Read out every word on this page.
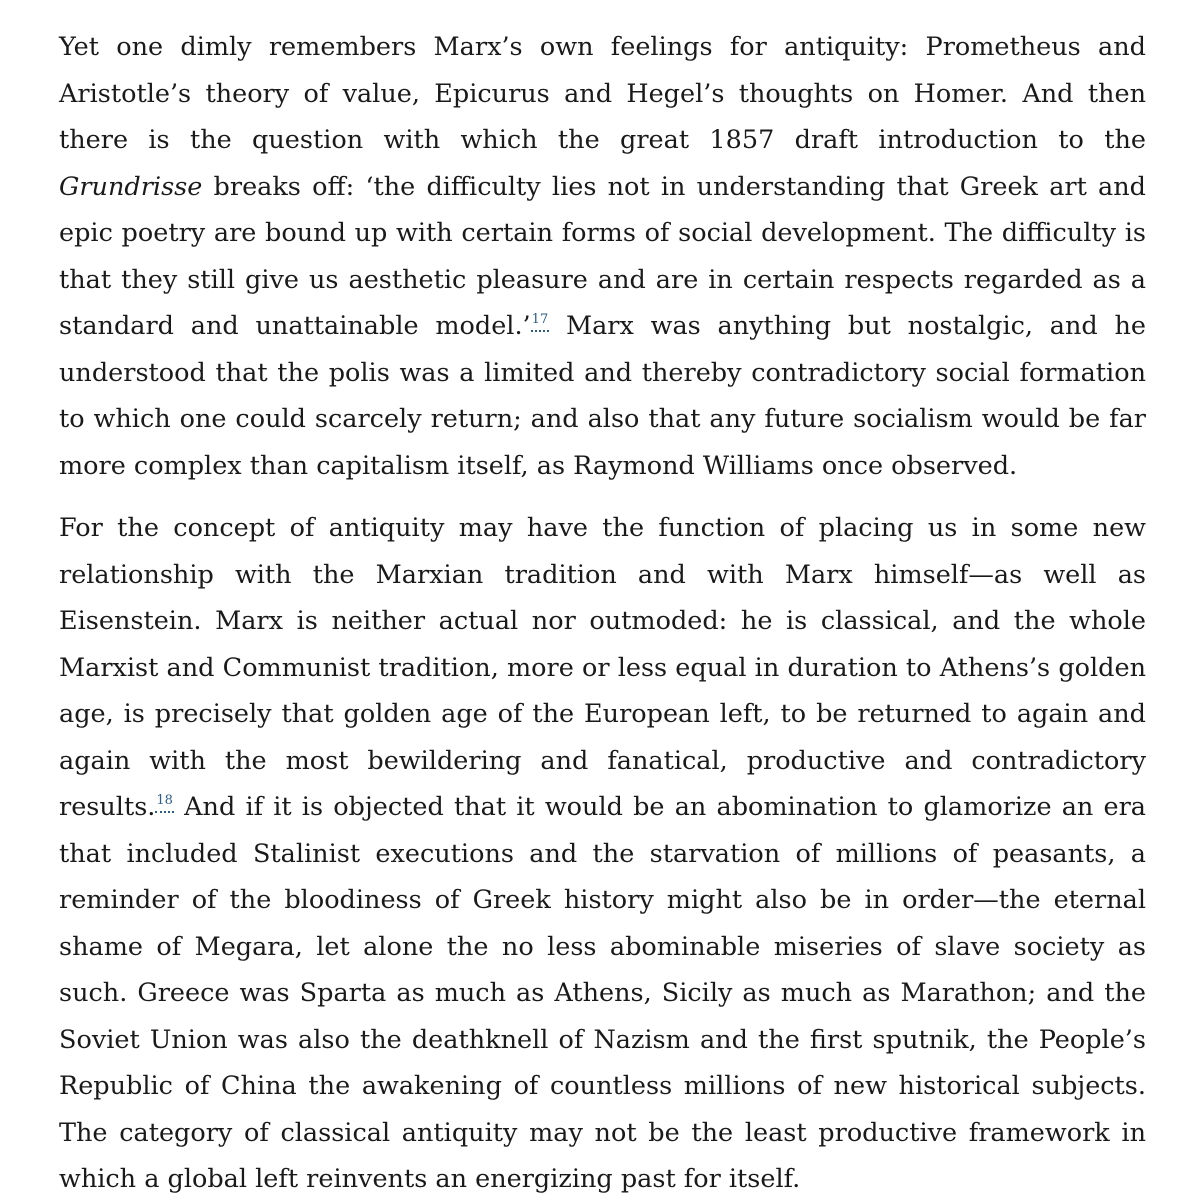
Yet one dimly remembers Marx’s own feelings for antiquity: Prometheus and Aristotle’s theory of value, Epicurus and Hegel’s thoughts on Homer. And then there is the question with which the great 1857 draft introduction to the Grundrisse breaks off: ‘the difficulty lies not in understanding that Greek art and epic poetry are bound up with certain forms of social development. The difficulty is that they still give us aesthetic pleasure and are in certain respects regarded as a standard and unattainable model.’$^{17}$ Marx was anything but nostalgic, and he understood that the polis was a limited and thereby contradictory social formation to which one could scarcely return; and also that any future socialism would be far more complex than capitalism itself, as Raymond Williams once observed.

For the concept of antiquity may have the function of placing us in some new relationship with the Marxian tradition and with Marx himself—as well as Eisenstein. Marx is neither actual nor outmoded: he is classical, and the whole Marxist and Communist tradition, more or less equal in duration to Athens’s golden age, is precisely that golden age of the European left, to be returned to again and again with the most bewildering and fanatical, productive and contradictory results.$^{18}$ And if it is objected that it would be an abomination to glamorize an era that included Stalinist executions and the starvation of millions of peasants, a reminder of the bloodiness of Greek history might also be in order—the eternal shame of Megara, let alone the no less abominable miseries of slave society as such. Greece was Sparta as much as Athens, Sicily as much as Marathon; and the Soviet Union was also the deathknell of Nazism and the first sputnik, the People’s Republic of China the awakening of countless millions of new historical subjects. The category of classical antiquity may not be the least productive framework in which a global left reinvents an energizing past for itself.
